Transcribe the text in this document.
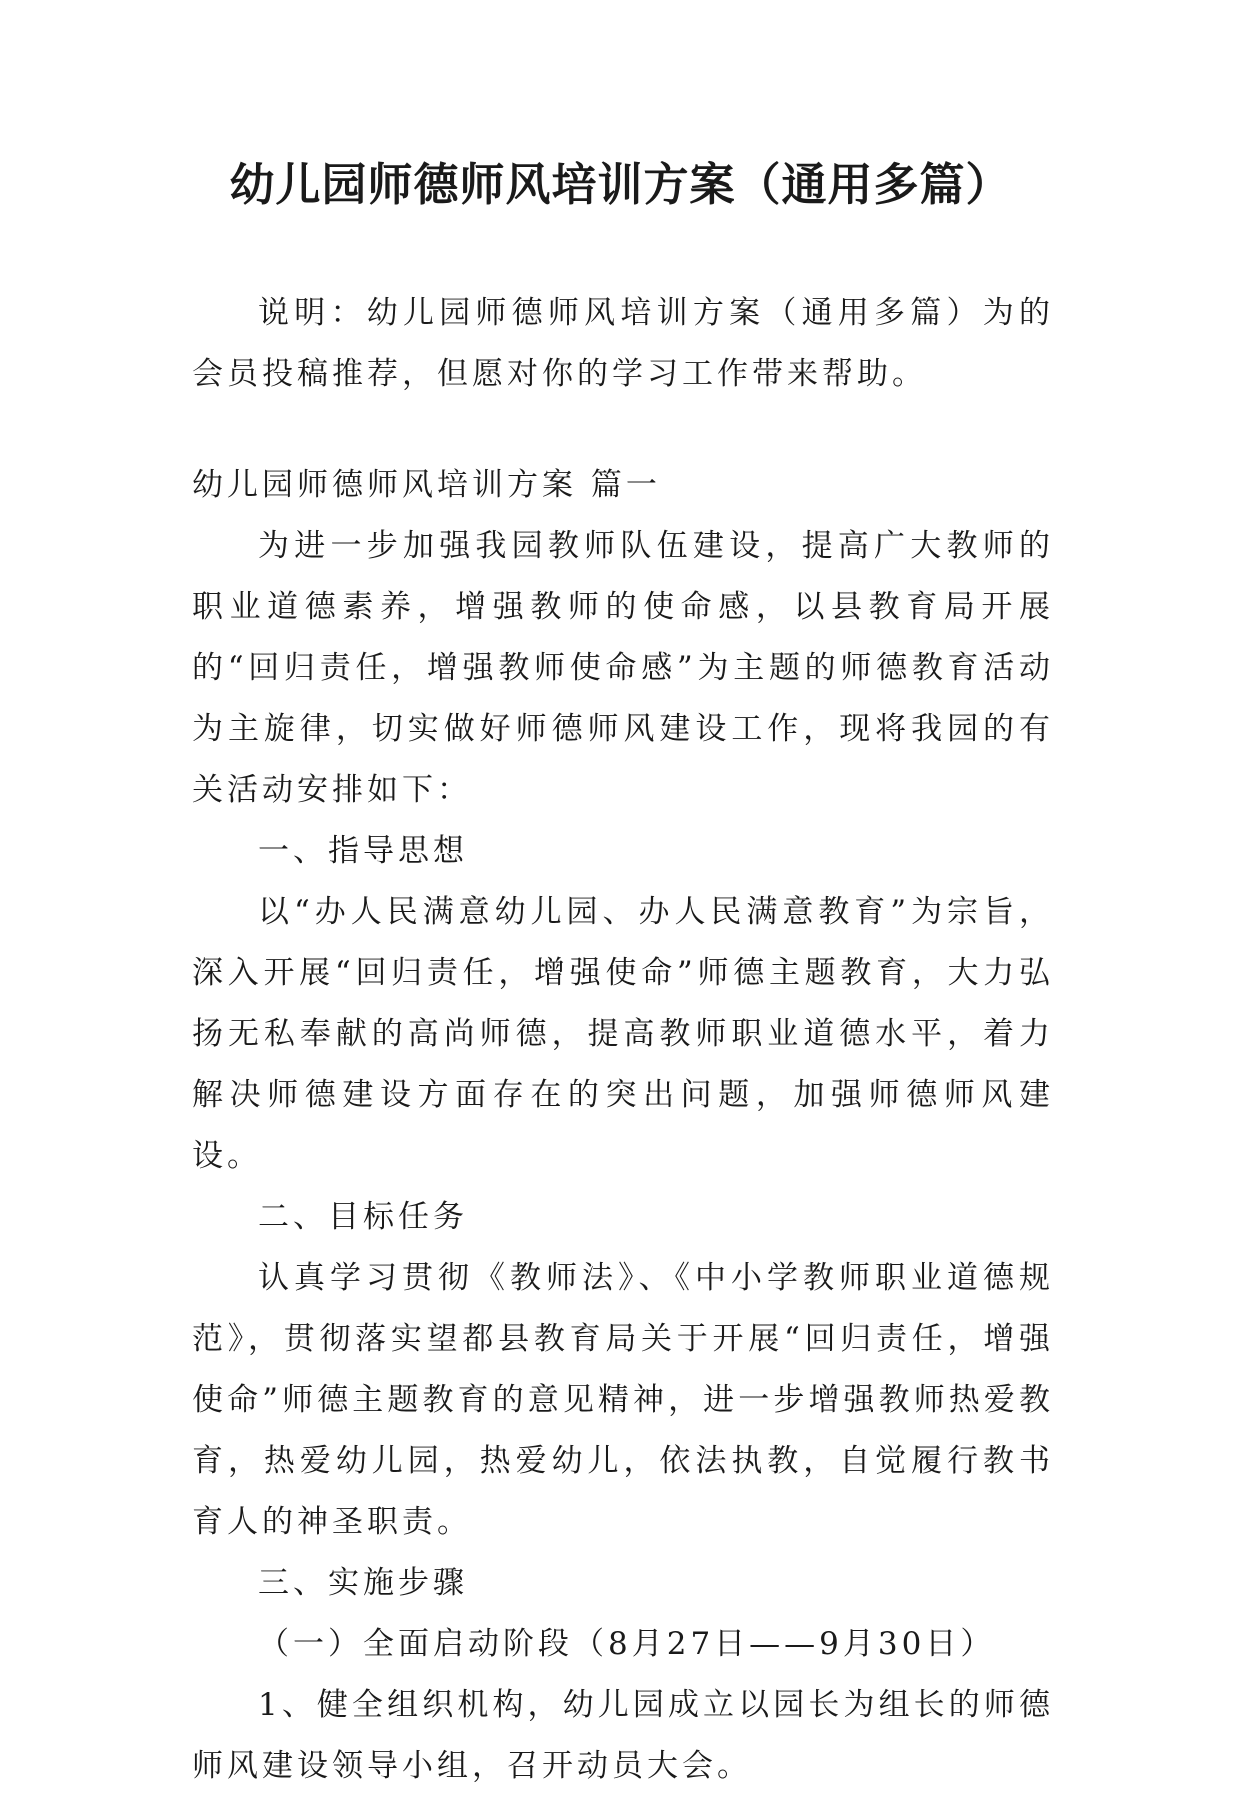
幼儿园师德师风培训方案（通用多篇）

说明：幼儿园师德师风培训方案（通用多篇）为的会员投稿推荐，但愿对你的学习工作带来帮助。

幼儿园师德师风培训方案 篇一

为进一步加强我园教师队伍建设，提高广大教师的职业道德素养，增强教师的使命感，以县教育局开展的“回归责任，增强教师使命感”为主题的师德教育活动为主旋律，切实做好师德师风建设工作，现将我园的有关活动安排如下：

一、指导思想

以“办人民满意幼儿园、办人民满意教育”为宗旨，深入开展“回归责任，增强使命”师德主题教育，大力弘扬无私奉献的高尚师德，提高教师职业道德水平，着力解决师德建设方面存在的突出问题，加强师德师风建设。

二、目标任务

认真学习贯彻《教师法》、《中小学教师职业道德规范》，贯彻落实望都县教育局关于开展“回归责任，增强使命”师德主题教育的意见精神，进一步增强教师热爱教育，热爱幼儿园，热爱幼儿，依法执教，自觉履行教书育人的神圣职责。

三、实施步骤

（一）全面启动阶段（8月27日——9月30日）

1、健全组织机构，幼儿园成立以园长为组长的师德师风建设领导小组，召开动员大会。
